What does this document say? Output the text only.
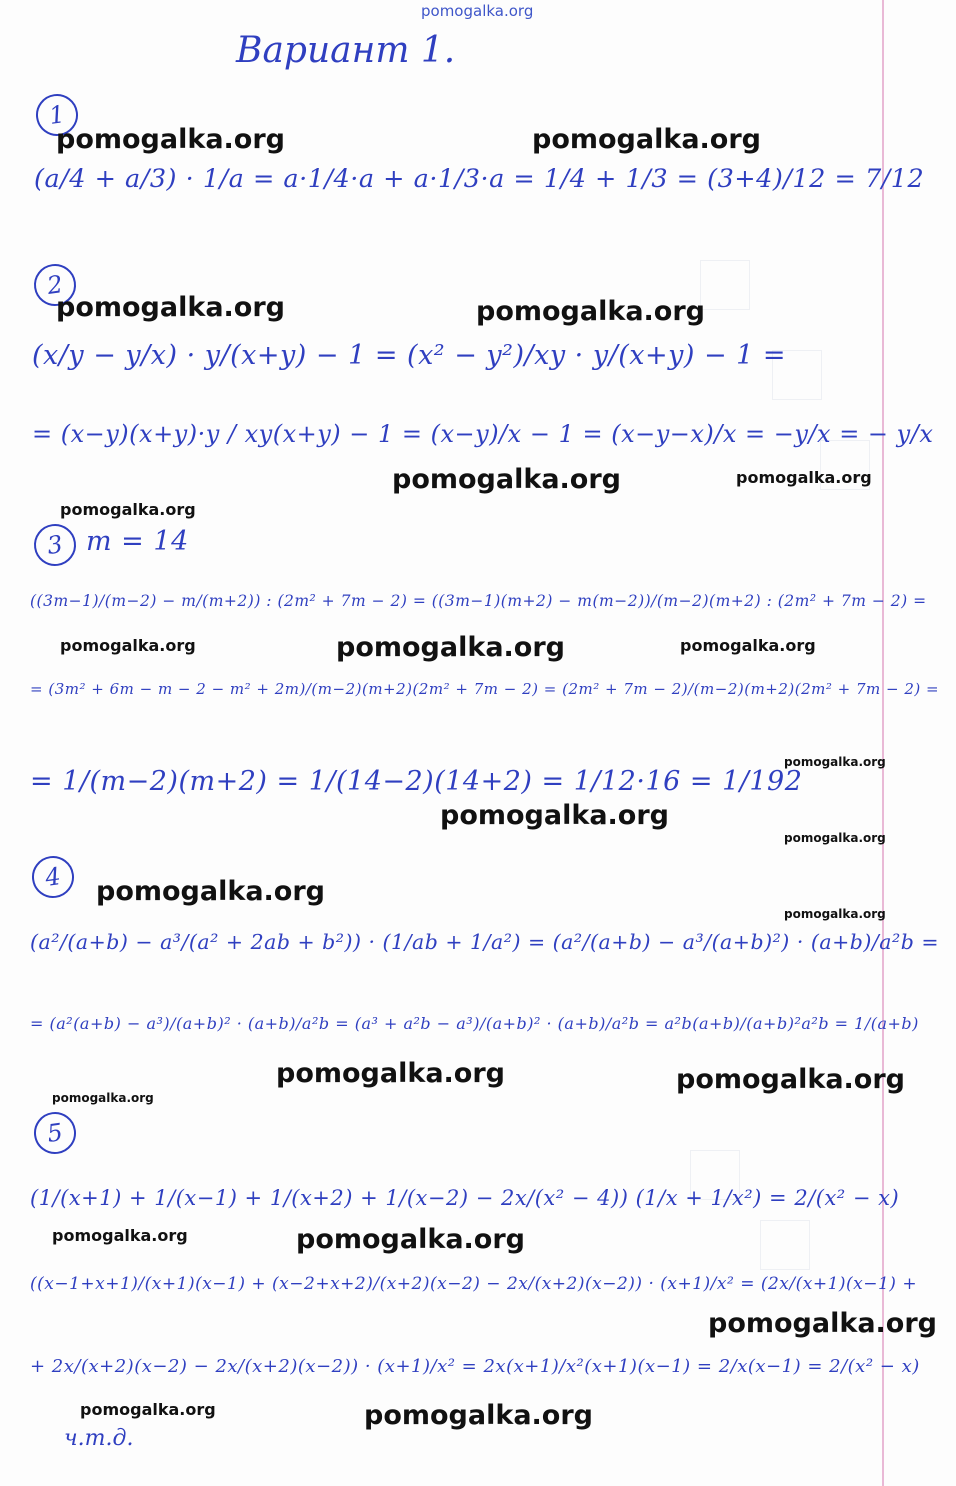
pomogalka.org
Вариант 1.
1
(a/4 + a/3) · 1/a = a·1/4·a + a·1/3·a = 1/4 + 1/3 = (3+4)/12 = 7/12
2
(x/y − y/x) · y/(x+y) − 1 = (x² − y²)/xy · y/(x+y) − 1 =
= (x−y)(x+y)·y / xy(x+y) − 1 = (x−y)/x − 1 = (x−y−x)/x = −y/x = − y/x
3 m = 14
((3m−1)/(m−2) − m/(m+2)) : (2m² + 7m − 2) = ((3m−1)(m+2) − m(m−2))/(m−2)(m+2) : (2m² + 7m − 2) =
= (3m² + 6m − m − 2 − m² + 2m)/(m−2)(m+2)(2m² + 7m − 2) = (2m² + 7m − 2)/(m−2)(m+2)(2m² + 7m − 2) =
= 1/(m−2)(m+2) = 1/(14−2)(14+2) = 1/12·16 = 1/192
4
(a²/(a+b) − a³/(a² + 2ab + b²)) · (1/ab + 1/a²) = (a²/(a+b) − a³/(a+b)²) · (a+b)/a²b =
= (a²(a+b) − a³)/(a+b)² · (a+b)/a²b = (a³ + a²b − a³)/(a+b)² · (a+b)/a²b = a²b(a+b)/(a+b)²a²b = 1/(a+b)
5
(1/(x+1) + 1/(x−1) + 1/(x+2) + 1/(x−2) − 2x/(x² − 4)) (1/x + 1/x²) = 2/(x² − x)
((x−1+x+1)/(x+1)(x−1) + (x−2+x+2)/(x+2)(x−2) − 2x/(x+2)(x−2)) · (x+1)/x² = (2x/(x+1)(x−1) +
+ 2x/(x+2)(x−2) − 2x/(x+2)(x−2)) · (x+1)/x² = 2x(x+1)/x²(x+1)(x−1) = 2/x(x−1) = 2/(x² − x)
ч.т.д.
pomogalka.org	pomogalka.org
pomogalka.org	pomogalka.org
pomogalka.org	pomogalka.org
pomogalka.org
pomogalka.org	pomogalka.org	pomogalka.org
pomogalka.org
pomogalka.org
pomogalka.org
pomogalka.org
pomogalka.org
pomogalka.org	pomogalka.org
pomogalka.org
pomogalka.org	pomogalka.org
pomogalka.org
pomogalka.org	pomogalka.org
